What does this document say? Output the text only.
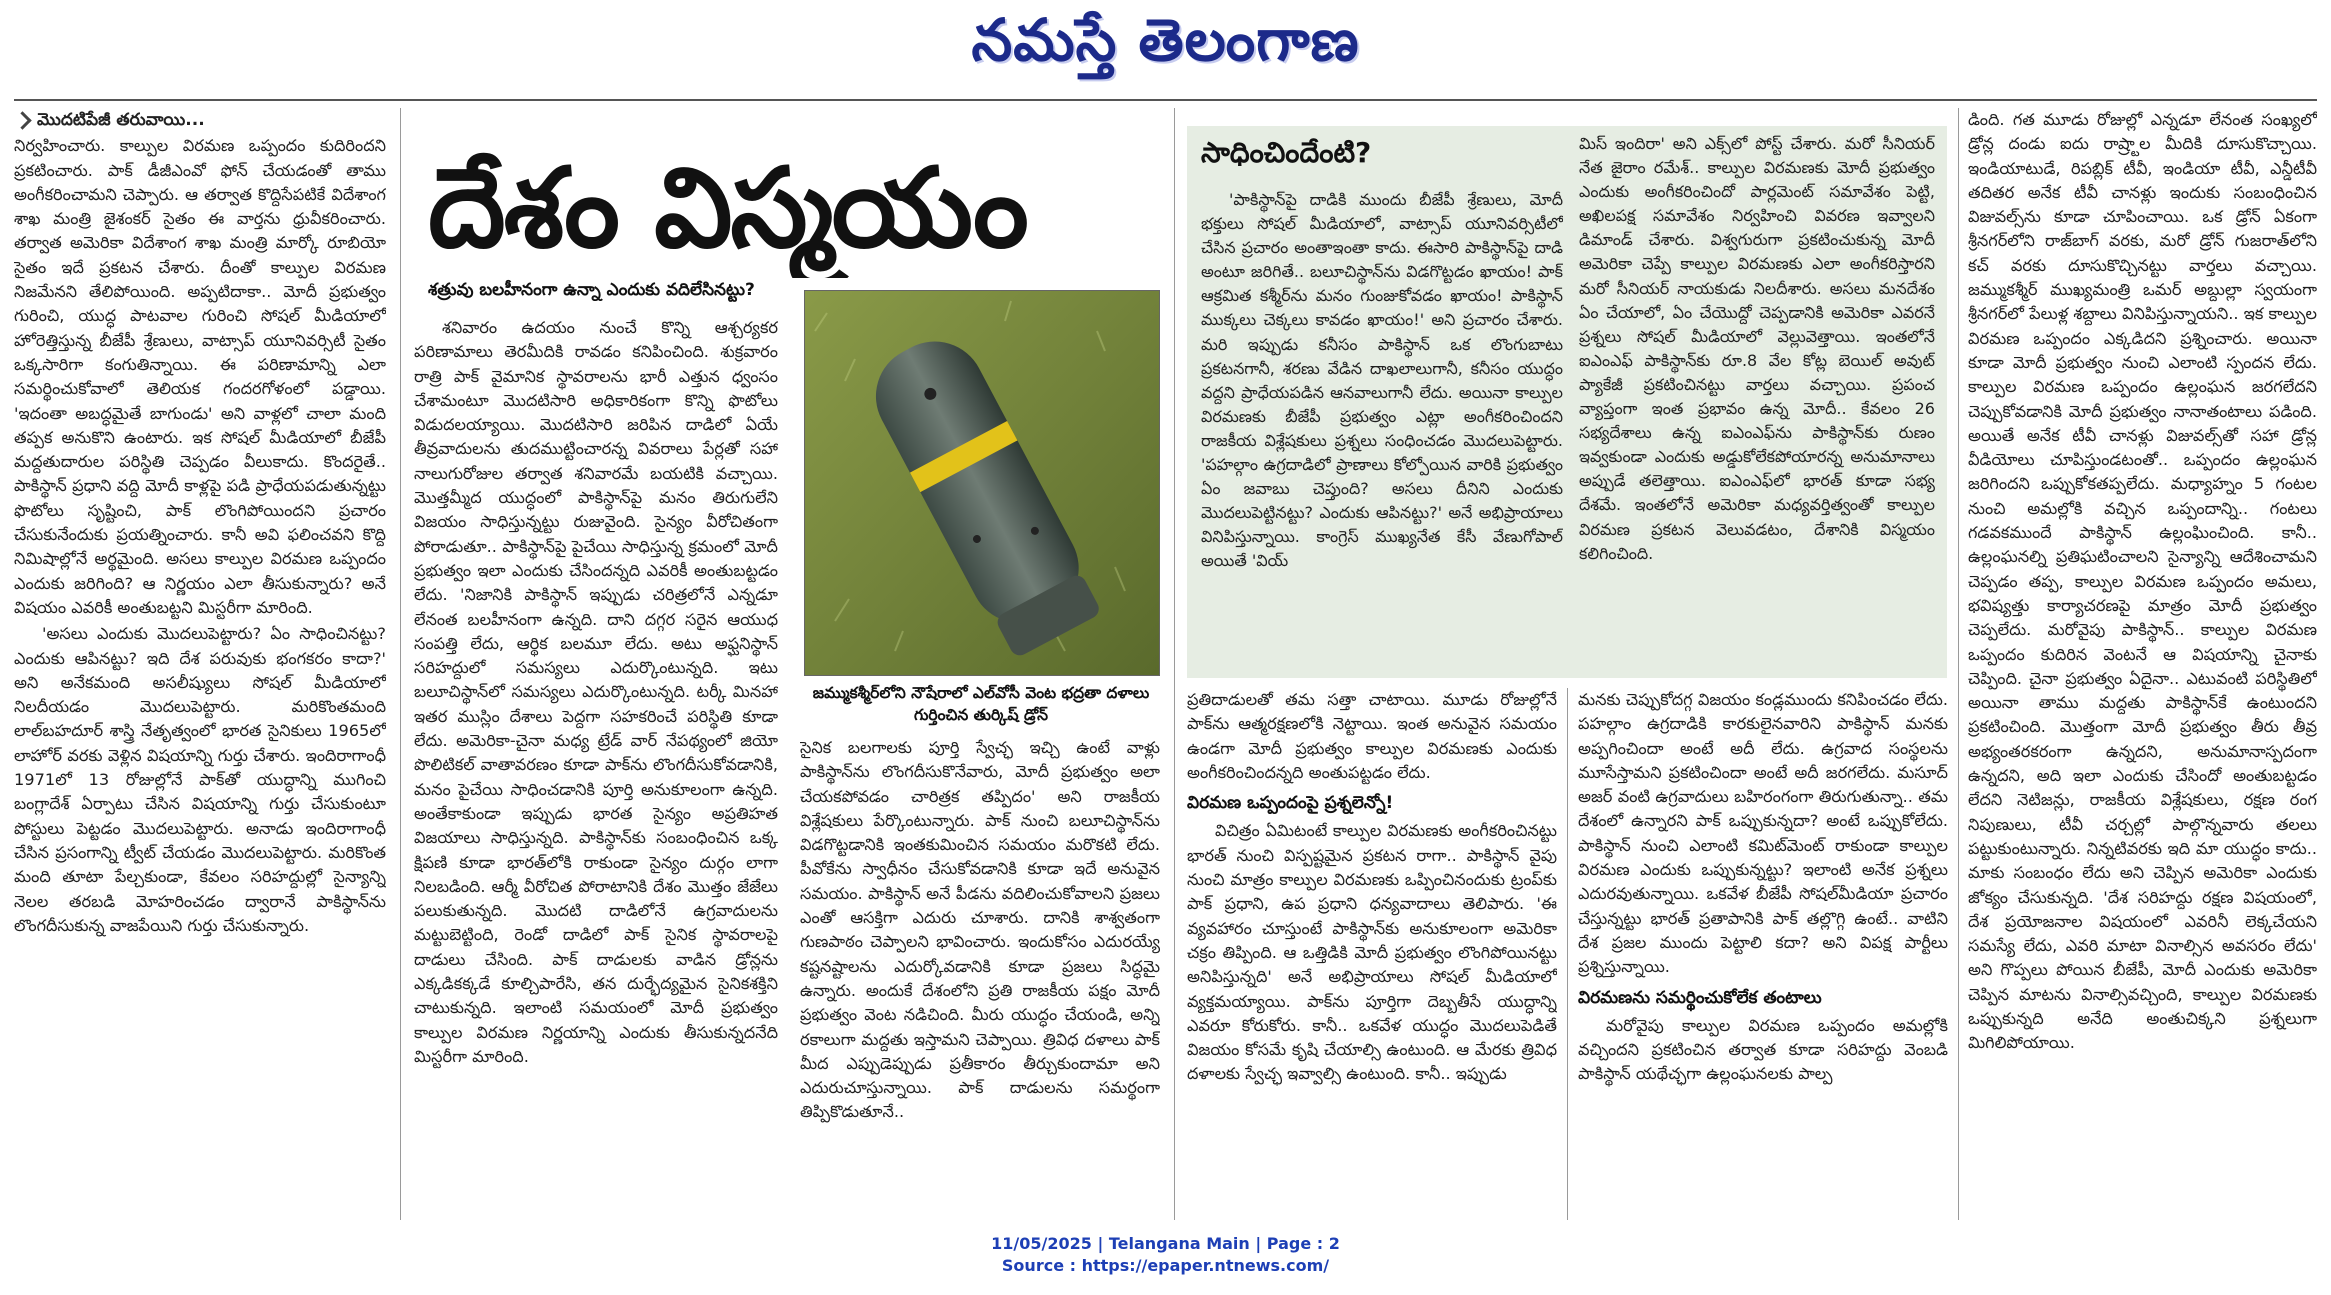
నమస్తే తెలంగాణ
మొదటిపేజీ తరువాయి...

నిర్వహించారు. కాల్పుల విరమణ ఒప్పందం కుదిరిందని ప్రకటించారు. పాక్‌ డీజీఎంవో ఫోన్‌ చేయడంతో తాము అంగీకరించామని చెప్పారు. ఆ తర్వాత కొద్దిసేపటికే విదేశాంగ శాఖ మంత్రి జైశంకర్‌ సైతం ఈ వార్తను ధ్రువీకరించారు. తర్వాత అమెరికా విదేశాంగ శాఖ మంత్రి మార్కో రూబియో సైతం ఇదే ప్రకటన చేశారు. దీంతో కాల్పుల విరమణ నిజమేనని తేలిపోయింది. అప్పటిదాకా.. మోదీ ప్రభుత్వం గురించి, యుద్ధ పాటవాల గురించి సోషల్‌ మీడియాలో హోరెత్తిస్తున్న బీజేపీ శ్రేణులు, వాట్సాప్‌ యూనివర్సిటీ సైతం ఒక్కసారిగా కంగుతిన్నాయి. ఈ పరిణామాన్ని ఎలా సమర్థించుకోవాలో తెలియక గందరగోళంలో పడ్డాయి. 'ఇదంతా అబద్ధమైతే బాగుండు' అని వాళ్లలో చాలా మంది తప్పక అనుకొని ఉంటారు. ఇక సోషల్‌ మీడియాలో బీజేపీ మద్దతుదారుల పరిస్థితి చెప్పడం వీలుకాదు. కొందరైతే.. పాకిస్థాన్‌ ప్రధాని వద్ది మోదీ కాళ్లపై పడి ప్రాధేయపడుతున్నట్టు ఫొటోలు సృష్టించి, పాక్‌ లొంగిపోయిందని ప్రచారం చేసుకునేందుకు ప్రయత్నించారు. కానీ అవి ఫలించవని కొద్ది నిమిషాల్లోనే అర్థమైంది. అసలు కాల్పుల విరమణ ఒప్పందం ఎందుకు జరిగింది? ఆ నిర్ణయం ఎలా తీసుకున్నారు? అనే విషయం ఎవరికీ అంతుబట్టని మిస్టరీగా మారింది.

'అసలు ఎందుకు మొదలుపెట్టారు? ఏం సాధించినట్టు? ఎందుకు ఆపినట్టు? ఇది దేశ పరువుకు భంగకరం కాదా?' అని అనేకమంది అసలీష్యులు సోషల్‌ మీడియాలో నిలదీయడం మొదలుపెట్టారు. మరికొంతమంది లాల్‌బహదూర్‌ శాస్త్రి నేతృత్వంలో భారత సైనికులు 1965లో లాహోర్‌ వరకు వెళ్లిన విషయాన్ని గుర్తు చేశారు. ఇందిరాగాంధీ 1971లో 13 రోజుల్లోనే పాక్‌తో యుద్ధాన్ని ముగించి బంగ్లాదేశ్‌ ఏర్పాటు చేసిన విషయాన్ని గుర్తు చేసుకుంటూ పోస్టులు పెట్టడం మొదలుపెట్టారు. అనాడు ఇందిరాగాంధీ చేసిన ప్రసంగాన్ని ట్వీట్‌ చేయడం మొదలుపెట్టారు. మరికొంత మంది తూటా పేల్చకుండా, కేవలం సరిహద్దుల్లో సైన్యాన్ని నెలల తరబడి మోహరించడం ద్వారానే పాకిస్థాన్‌ను లొంగదీసుకున్న వాజపేయిని గుర్తు చేసుకున్నారు.

దేశం విస్మయం
శత్రువు బలహీనంగా ఉన్నా ఎందుకు వదిలేసినట్టు?

శనివారం ఉదయం నుంచే కొన్ని ఆశ్చర్యకర పరిణామాలు తెరమీదికి రావడం కనిపించింది. శుక్రవారం రాత్రి పాక్‌ వైమానిక స్థావరాలను భారీ ఎత్తున ధ్వంసం చేశామంటూ మొదటిసారి అధికారికంగా కొన్ని ఫొటోలు విడుదలయ్యాయి. మొదటిసారి జరిపిన దాడిలో ఏయే తీవ్రవాదులను తుదముట్టించారన్న వివరాలు పేర్లతో సహా నాలుగురోజుల తర్వాత శనివారమే బయటికి వచ్చాయి. మొత్తమ్మీద యుద్ధంలో పాకిస్థాన్‌పై మనం తిరుగులేని విజయం సాధిస్తున్నట్టు రుజువైంది. సైన్యం వీరోచితంగా పోరాడుతూ.. పాకిస్థాన్‌పై పైచేయి సాధిస్తున్న క్రమంలో మోదీ ప్రభుత్వం ఇలా ఎందుకు చేసిందన్నది ఎవరికీ అంతుబట్టడం లేదు. 'నిజానికి పాకిస్థాన్‌ ఇప్పుడు చరిత్రలోనే ఎన్నడూ లేనంత బలహీనంగా ఉన్నది. దాని దగ్గర సరైన ఆయుధ సంపత్తి లేదు, ఆర్థిక బలమూ లేదు. అటు అఫ్ఘనిస్థాన్‌ సరిహద్దులో సమస్యలు ఎదుర్కొంటున్నది. ఇటు బలూచిస్థాన్‌లో సమస్యలు ఎదుర్కొంటున్నది. టర్కీ మినహా ఇతర ముస్లిం దేశాలు పెద్దగా సహకరించే పరిస్థితి కూడా లేదు. అమెరికా-చైనా మధ్య ట్రేడ్‌ వార్‌ నేపథ్యంలో జియో పొలిటికల్‌ వాతావరణం కూడా పాక్‌ను లొంగదీసుకోవడానికి, మనం పైచేయి సాధించడానికి పూర్తి అనుకూలంగా ఉన్నది. అంతేకాకుండా ఇప్పుడు భారత సైన్యం అప్రతిహత విజయాలు సాధిస్తున్నది. పాకిస్థాన్‌కు సంబంధించిన ఒక్క క్షిపణి కూడా భారత్‌లోకి రాకుండా సైన్యం దుర్గం లాగా నిలబడింది. ఆర్మీ వీరోచిత పోరాటానికి దేశం మొత్తం జేజేలు పలుకుతున్నది. మొదటి దాడిలోనే ఉగ్రవాదులను మట్టుబెట్టింది, రెండో దాడిలో పాక్‌ సైనిక స్థావరాలపై దాడులు చేసింది. పాక్‌ దాడులకు వాడిన డ్రోన్లను ఎక్కడికక్కడే కూల్చిపారేసి, తన దుర్భేద్యమైన సైనికశక్తిని చాటుకున్నది. ఇలాంటి సమయంలో మోదీ ప్రభుత్వం కాల్పుల విరమణ నిర్ణయాన్ని ఎందుకు తీసుకున్నదనేది మిస్టరీగా మారింది.

జమ్ముకశ్మీర్‌లోని నౌషేరాలో ఎల్‌వోసీ వెంట భద్రతా దళాలు గుర్తించిన తుర్కిష్‌ డ్రోన్‌

సైనిక బలగాలకు పూర్తి స్వేచ్ఛ ఇచ్చి ఉంటే వాళ్లు పాకిస్థాన్‌ను లొంగదీసుకొనేవారు, మోదీ ప్రభుత్వం అలా చేయకపోవడం చారిత్రక తప్పిదం' అని రాజకీయ విశ్లేషకులు పేర్కొంటున్నారు. పాక్‌ నుంచి బలూచిస్థాన్‌ను విడగొట్టడానికి ఇంతకుమించిన సమయం మరొకటి లేదు. పీవోకేను స్వాధీనం చేసుకోవడానికి కూడా ఇదే అనువైన సమయం. పాకిస్థాన్‌ అనే పీడను వదిలించుకోవాలని ప్రజలు ఎంతో ఆసక్తిగా ఎదురు చూశారు. దానికి శాశ్వతంగా గుణపాఠం చెప్పాలని భావించారు. ఇందుకోసం ఎదురయ్యే కష్టనష్టాలను ఎదుర్కోవడానికి కూడా ప్రజలు సిద్ధమై ఉన్నారు. అందుకే దేశంలోని ప్రతి రాజకీయ పక్షం మోదీ ప్రభుత్వం వెంట నడిచింది. మీరు యుద్ధం చేయండి, అన్ని రకాలుగా మద్దతు ఇస్తామని చెప్పాయి. త్రివిధ దళాలు పాక్‌ మీద ఎప్పుడెప్పుడు ప్రతీకారం తీర్చుకుందామా అని ఎదురుచూస్తున్నాయి. పాక్‌ దాడులను సమర్థంగా తిప్పికొడుతూనే..

సాధించిందేంటి?

'పాకిస్థాన్‌పై దాడికి ముందు బీజేపీ శ్రేణులు, మోదీ భక్తులు సోషల్‌ మీడియాలో, వాట్సాప్‌ యూనివర్సిటీలో చేసిన ప్రచారం అంతాఇంతా కాదు. ఈసారి పాకిస్థాన్‌పై దాడి అంటూ జరిగితే.. బలూచిస్థాన్‌ను విడగొట్టడం ఖాయం! పాక్‌ ఆక్రమిత కశ్మీర్‌ను మనం గుంజుకోవడం ఖాయం! పాకిస్థాన్‌ ముక్కలు చెక్కలు కావడం ఖాయం!' అని ప్రచారం చేశారు. మరి ఇప్పుడు కనీసం పాకిస్థాన్‌ ఒక లొంగుబాటు ప్రకటనగానీ, శరణు వేడిన దాఖలాలుగానీ, కనీసం యుద్ధం వద్దని ప్రాధేయపడిన ఆనవాలుగానీ లేదు. అయినా కాల్పుల విరమణకు బీజేపీ ప్రభుత్వం ఎట్లా అంగీకరించిందని రాజకీయ విశ్లేషకులు ప్రశ్నలు సంధించడం మొదలుపెట్టారు. 'పహల్గాం ఉగ్రదాడిలో ప్రాణాలు కోల్పోయిన వారికి ప్రభుత్వం ఏం జవాబు చెప్తుంది? అసలు దీనిని ఎందుకు మొదలుపెట్టినట్టు? ఎందుకు ఆపినట్టు?' అనే అభిప్రాయాలు వినిపిస్తున్నాయి. కాంగ్రెస్‌ ముఖ్యనేత కేసీ వేణుగోపాల్‌ అయితే 'వియ్‌

మిస్‌ ఇందిరా' అని ఎక్స్‌లో పోస్ట్‌ చేశారు. మరో సీనియర్‌ నేత జైరాం రమేశ్‌.. కాల్పుల విరమణకు మోదీ ప్రభుత్వం ఎందుకు అంగీకరించిందో పార్లమెంట్‌ సమావేశం పెట్టి, అఖిలపక్ష సమావేశం నిర్వహించి వివరణ ఇవ్వాలని డిమాండ్‌ చేశారు. విశ్వగురుగా ప్రకటించుకున్న మోదీ అమెరికా చెప్పే కాల్పుల విరమణకు ఎలా అంగీకరిస్తారని మరో సీనియర్‌ నాయకుడు నిలదీశారు. అసలు మనదేశం ఏం చేయాలో, ఏం చేయొద్దో చెప్పడానికి అమెరికా ఎవరనే ప్రశ్నలు సోషల్‌ మీడియాలో వెల్లువెత్తాయి. ఇంతలోనే ఐఎంఎఫ్‌ పాకిస్థాన్‌కు రూ.8 వేల కోట్ల బెయిల్‌ అవుట్‌ ప్యాకేజీ ప్రకటించినట్టు వార్తలు వచ్చాయి. ప్రపంచ వ్యాప్తంగా ఇంత ప్రభావం ఉన్న మోదీ.. కేవలం 26 సభ్యదేశాలు ఉన్న ఐఎంఎఫ్‌ను పాకిస్థాన్‌కు రుణం ఇవ్వకుండా ఎందుకు అడ్డుకోలేకపోయారన్న అనుమానాలు అప్పుడే తలెత్తాయి. ఐఎంఎఫ్‌లో భారత్‌ కూడా సభ్య దేశమే. ఇంతలోనే అమెరికా మధ్యవర్తిత్వంతో కాల్పుల విరమణ ప్రకటన వెలువడటం, దేశానికి విస్మయం కలిగించింది.

ప్రతిదాడులతో తమ సత్తా చాటాయి. మూడు రోజుల్లోనే పాక్‌ను ఆత్మరక్షణలోకి నెట్టాయి. ఇంత అనువైన సమయం ఉండగా మోదీ ప్రభుత్వం కాల్పుల విరమణకు ఎందుకు అంగీకరించిందన్నది అంతుపట్టడం లేదు.

విరమణ ఒప్పందంపై ప్రశ్నలెన్నో!

విచిత్రం ఏమిటంటే కాల్పుల విరమణకు అంగీకరించినట్టు భారత్‌ నుంచి విస్పష్టమైన ప్రకటన రాగా.. పాకిస్థాన్‌ వైపు నుంచి మాత్రం కాల్పుల విరమణకు ఒప్పించినందుకు ట్రంప్‌కు పాక్‌ ప్రధాని, ఉప ప్రధాని ధన్యవాదాలు తెలిపారు. 'ఈ వ్యవహారం చూస్తుంటే పాకిస్థాన్‌కు అనుకూలంగా అమెరికా చక్రం తిప్పింది. ఆ ఒత్తిడికి మోదీ ప్రభుత్వం లొంగిపోయినట్టు అనిపిస్తున్నది' అనే అభిప్రాయాలు సోషల్‌ మీడియాలో వ్యక్తమయ్యాయి. పాక్‌ను పూర్తిగా దెబ్బతీసే యుద్ధాన్ని ఎవరూ కోరుకోరు. కానీ.. ఒకవేళ యుద్ధం మొదలుపెడితే విజయం కోసమే కృషి చేయాల్సి ఉంటుంది. ఆ మేరకు త్రివిధ దళాలకు స్వేచ్ఛ ఇవ్వాల్సి ఉంటుంది. కానీ.. ఇప్పుడు

మనకు చెప్పుకోదగ్గ విజయం కండ్లముందు కనిపించడం లేదు. పహల్గాం ఉగ్రదాడికి కారకులైనవారిని పాకిస్థాన్‌ మనకు అప్పగించిందా అంటే అదీ లేదు. ఉగ్రవాద సంస్థలను మూసేస్తామని ప్రకటించిందా అంటే అదీ జరగలేదు. మసూద్‌ అజర్‌ వంటి ఉగ్రవాదులు బహిరంగంగా తిరుగుతున్నా.. తమ దేశంలో ఉన్నారని పాక్‌ ఒప్పుకున్నదా? అంటే ఒప్పుకోలేదు. పాకిస్థాన్‌ నుంచి ఎలాంటి కమిట్‌మెంట్‌ రాకుండా కాల్పుల విరమణ ఎందుకు ఒప్పుకున్నట్టు? ఇలాంటి అనేక ప్రశ్నలు ఎదురవుతున్నాయి. ఒకవేళ బీజేపీ సోషల్‌మీడియా ప్రచారం చేస్తున్నట్టు భారత్‌ ప్రతాపానికి పాక్‌ తల్లొగ్గి ఉంటే.. వాటిని దేశ ప్రజల ముందు పెట్టాలి కదా? అని విపక్ష పార్టీలు ప్రశ్నిస్తున్నాయి.

విరమణను సమర్థించుకోలేక తంటాలు

మరోవైపు కాల్పుల విరమణ ఒప్పందం అమల్లోకి వచ్చిందని ప్రకటించిన తర్వాత కూడా సరిహద్దు వెంబడి పాకిస్థాన్‌ యథేచ్ఛగా ఉల్లంఘనలకు పాల్ప

డింది. గత మూడు రోజుల్లో ఎన్నడూ లేనంత సంఖ్యలో డ్రోన్ల దండు ఐదు రాష్ర్టాల మీదికి దూసుకొచ్చాయి. ఇండియాటుడే, రిపబ్లిక్‌ టీవీ, ఇండియా టీవీ, ఎన్డీటీవీ తదితర అనేక టీవీ చానళ్లు ఇందుకు సంబంధించిన విజువల్స్‌ను కూడా చూపించాయి. ఒక డ్రోన్‌ ఏకంగా శ్రీనగర్‌లోని రాజ్‌బాగ్‌ వరకు, మరో డ్రోన్‌ గుజరాత్‌లోని కచ్‌ వరకు దూసుకొచ్చినట్టు వార్తలు వచ్చాయి. జమ్ముకశ్మీర్‌ ముఖ్యమంత్రి ఒమర్‌ అబ్దుల్లా స్వయంగా శ్రీనగర్‌లో పేలుళ్ల శబ్దాలు వినిపిస్తున్నాయని.. ఇక కాల్పుల విరమణ ఒప్పందం ఎక్కడిదని ప్రశ్నించారు. అయినా కూడా మోదీ ప్రభుత్వం నుంచి ఎలాంటి స్పందన లేదు. కాల్పుల విరమణ ఒప్పందం ఉల్లంఘన జరగలేదని చెప్పుకోవడానికి మోదీ ప్రభుత్వం నానాతంటాలు పడింది. అయితే అనేక టీవీ చానళ్లు విజువల్స్‌తో సహా డ్రోన్ల వీడియోలు చూపిస్తుండటంతో.. ఒప్పందం ఉల్లంఘన జరిగిందని ఒప్పుకోకతప్పలేదు. మధ్యాహ్నం 5 గంటల నుంచి అమల్లోకి వచ్చిన ఒప్పందాన్ని.. గంటలు గడవకముందే పాకిస్థాన్‌ ఉల్లంఘించింది. కానీ.. ఉల్లంఘనల్ని ప్రతిఘటించాలని సైన్యాన్ని ఆదేశించామని చెప్పడం తప్ప, కాల్పుల విరమణ ఒప్పందం అమలు, భవిష్యత్తు కార్యాచరణపై మాత్రం మోదీ ప్రభుత్వం చెప్పలేదు. మరోవైపు పాకిస్థాన్‌.. కాల్పుల విరమణ ఒప్పందం కుదిరిన వెంటనే ఆ విషయాన్ని చైనాకు చెప్పింది. చైనా ప్రభుత్వం ఏదైనా.. ఎటువంటి పరిస్థితిలో అయినా తాము మద్దతు పాకిస్థాన్‌కే ఉంటుందని ప్రకటించింది. మొత్తంగా మోదీ ప్రభుత్వం తీరు తీవ్ర అభ్యంతరకరంగా ఉన్నదని, అనుమానాస్పదంగా ఉన్నదని, అది ఇలా ఎందుకు చేసిందో అంతుబట్టడం లేదని నెటిజన్లు, రాజకీయ విశ్లేషకులు, రక్షణ రంగ నిపుణులు, టీవీ చర్చల్లో పాల్గొన్నవారు తలలు పట్టుకుంటున్నారు. నిన్నటివరకు ఇది మా యుద్ధం కాదు.. మాకు సంబంధం లేదు అని చెప్పిన అమెరికా ఎందుకు జోక్యం చేసుకున్నది. 'దేశ సరిహద్దు రక్షణ విషయంలో, దేశ ప్రయోజనాల విషయంలో ఎవరినీ లెక్కచేయని సమస్యే లేదు, ఎవరి మాటా వినాల్సిన అవసరం లేదు' అని గొప్పలు పోయిన బీజేపీ, మోదీ ఎందుకు అమెరికా చెప్పిన మాటను వినాల్సివచ్చింది, కాల్పుల విరమణకు ఒప్పుకున్నది అనేది అంతుచిక్కని ప్రశ్నలుగా మిగిలిపోయాయి.

11/05/2025 | Telangana Main | Page : 2
Source : https://epaper.ntnews.com/
